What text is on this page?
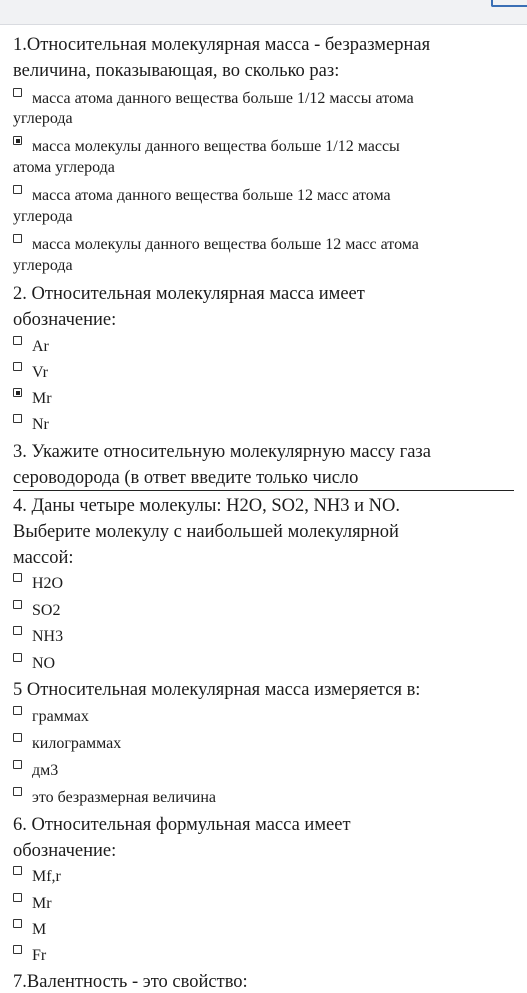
1.Относительная молекулярная масса - безразмерная
величина, показывающая, во сколько раз:
масса атома данного вещества больше 1/12 массы атома
углерода
масса молекулы данного вещества больше 1/12 массы
атома углерода
масса атома данного вещества больше 12 масс атома
углерода
масса молекулы данного вещества больше 12 масс атома
углерода
2. Относительная молекулярная масса имеет
обозначение:
Ar
Vr
Mr
Nr
3. Укажите относительную молекулярную массу газа
сероводорода (в ответ введите только число
4. Даны четыре молекулы: H2O, SO2, NH3 и NO.
Выберите молекулу с наибольшей молекулярной
массой:
H2O
SO2
NH3
NO
5 Относительная молекулярная масса измеряется в:
граммах
килограммах
дм3
это безразмерная величина
6. Относительная формульная масса имеет
обозначение:
Mf,r
Mr
M
Fr
7.Валентность - это свойство:
